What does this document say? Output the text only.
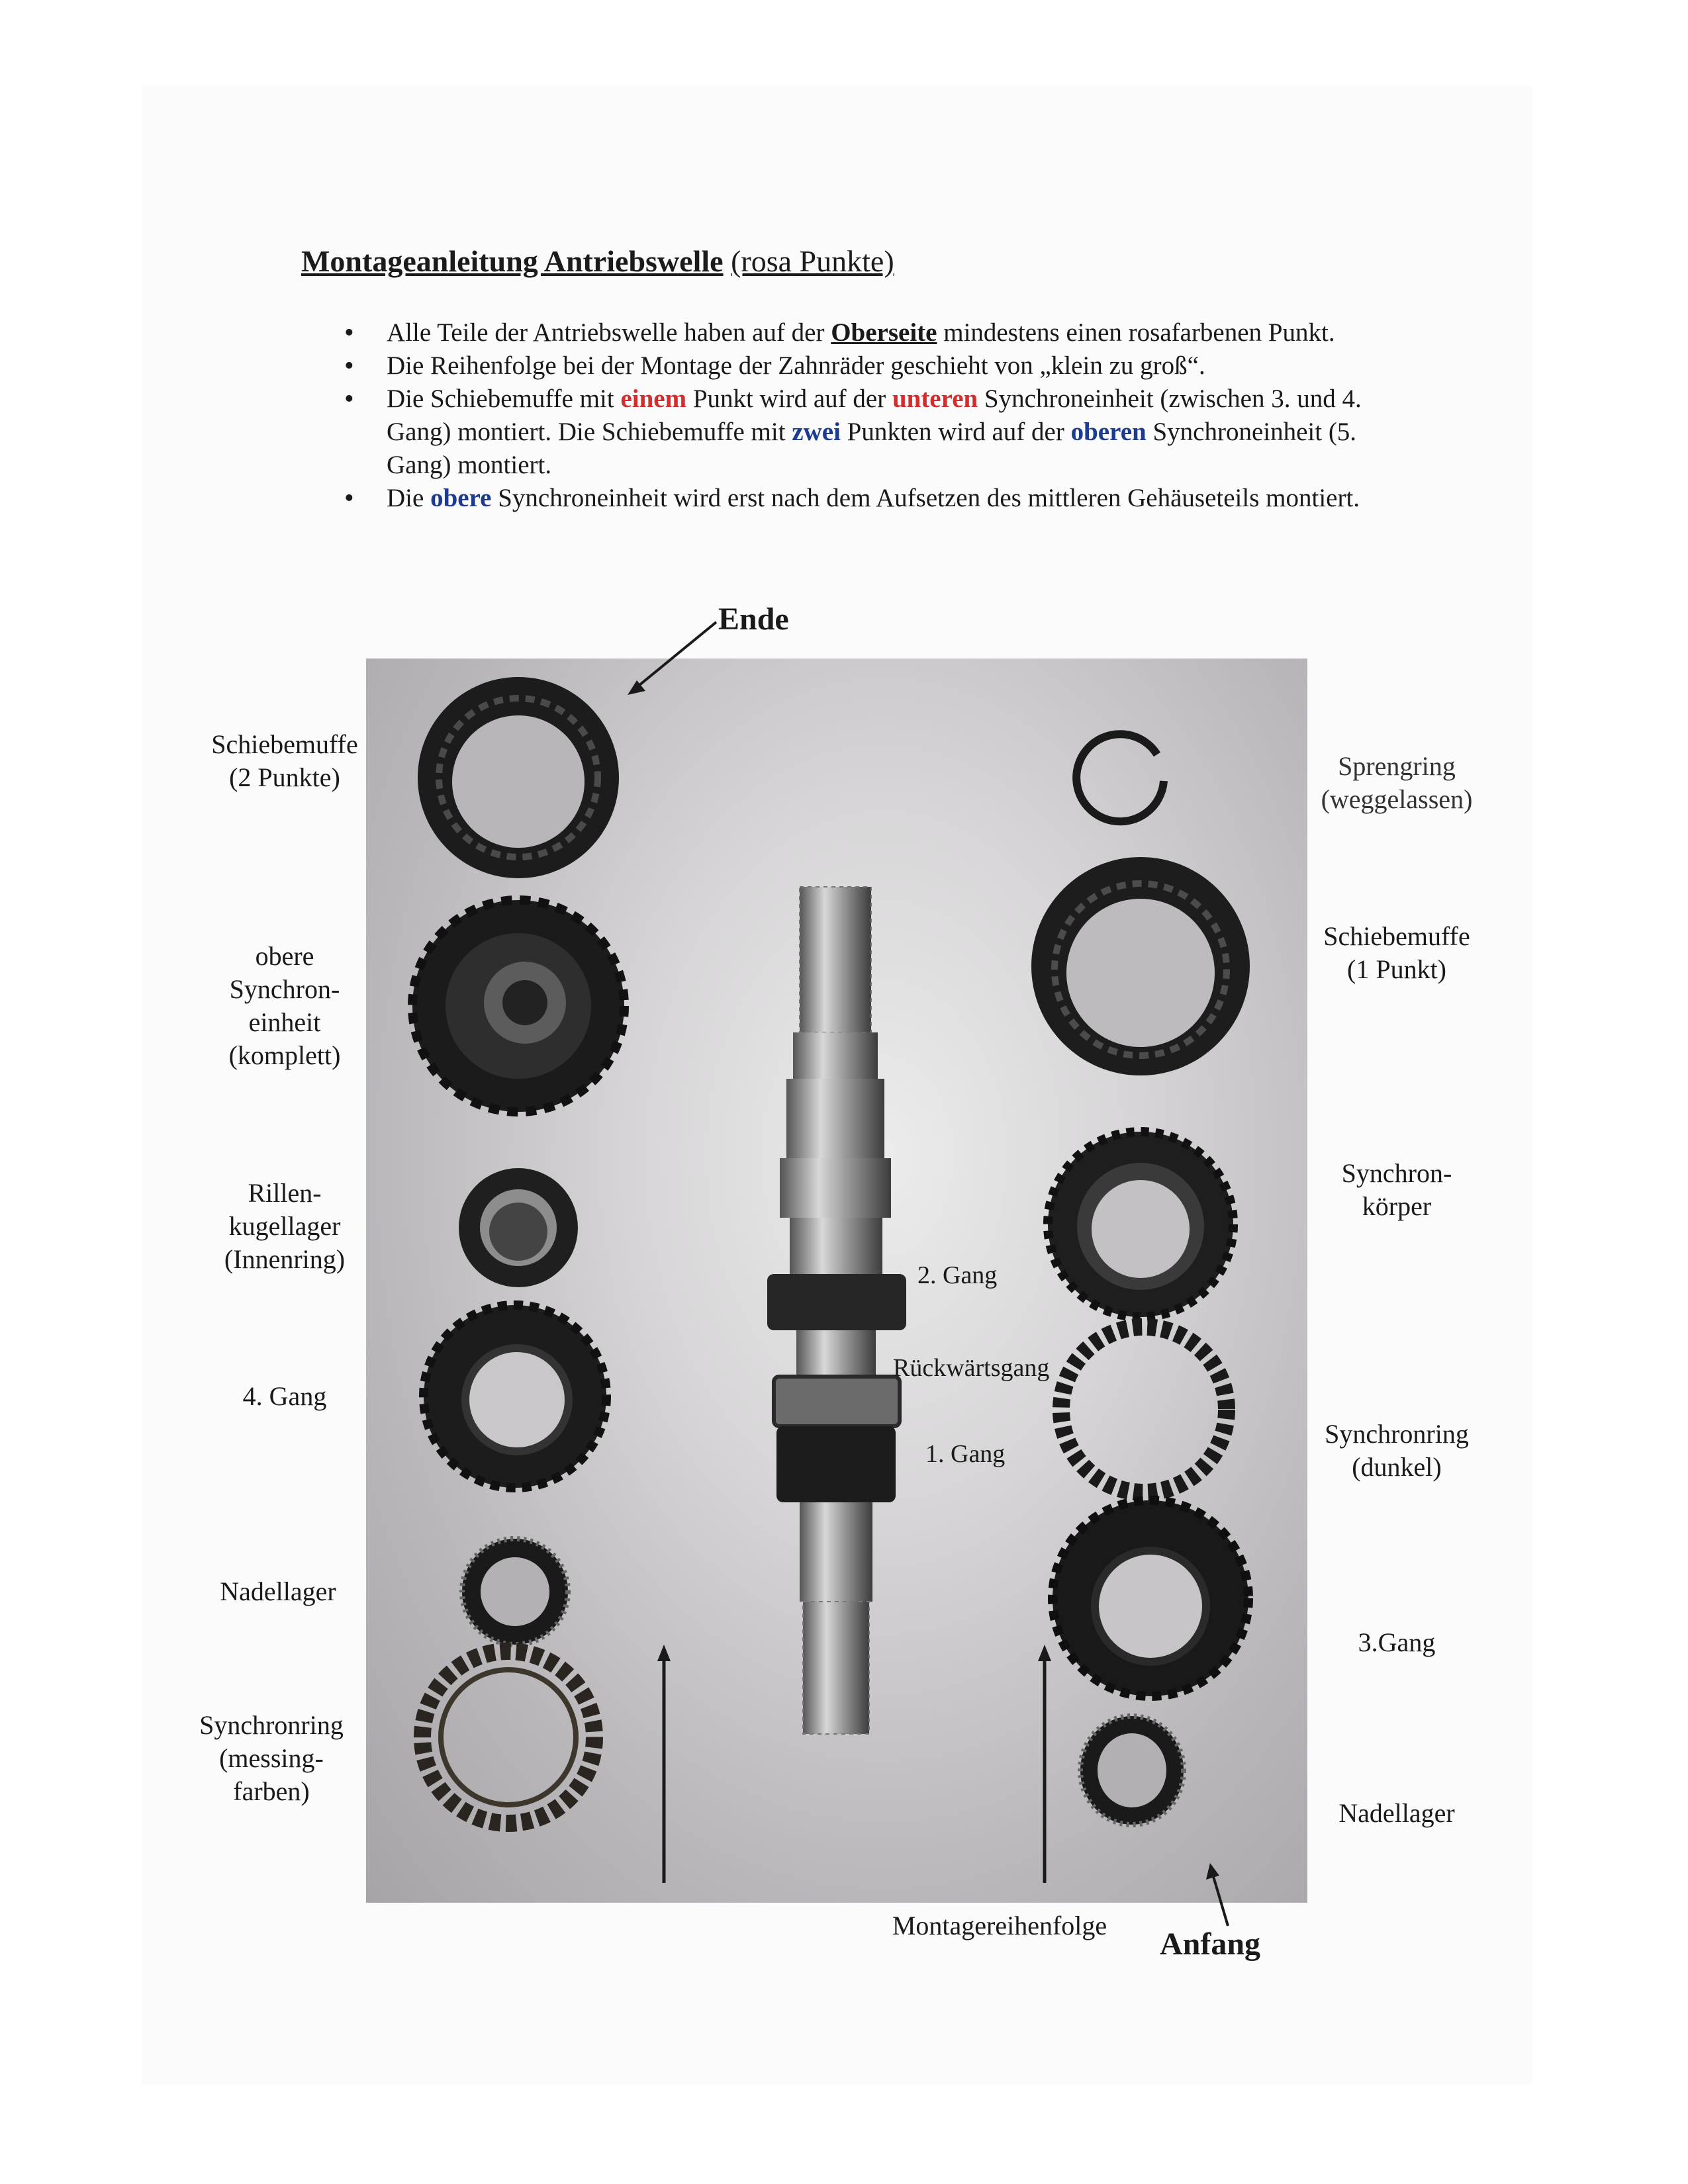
Montageanleitung Antriebswelle (rosa Punkte)
• Alle Teile der Antriebswelle haben auf der Oberseite mindestens einen rosafarbenen Punkt.
• Die Reihenfolge bei der Montage der Zahnräder geschieht von „klein zu groß“.
• Die Schiebemuffe mit einem Punkt wird auf der unteren Synchroneinheit (zwischen 3. und 4. Gang) montiert. Die Schiebemuffe mit zwei Punkten wird auf der oberen Synchroneinheit (5. Gang) montiert.
• Die obere Synchroneinheit wird erst nach dem Aufsetzen des mittleren Gehäuseteils montiert.
Ende
2. Gang
Rückwärtsgang
1. Gang
Schiebemuffe
(2 Punkte)
obere
Synchron-
einheit
(komplett)
Rillen-
kugellager
(Innenring)
4. Gang
Nadellager
Synchronring
(messing-
farben)
Sprengring
(weggelassen)
Schiebemuffe
(1 Punkt)
Synchron-
körper
Synchronring
(dunkel)
3.Gang
Nadellager
Montagereihenfolge
Anfang
